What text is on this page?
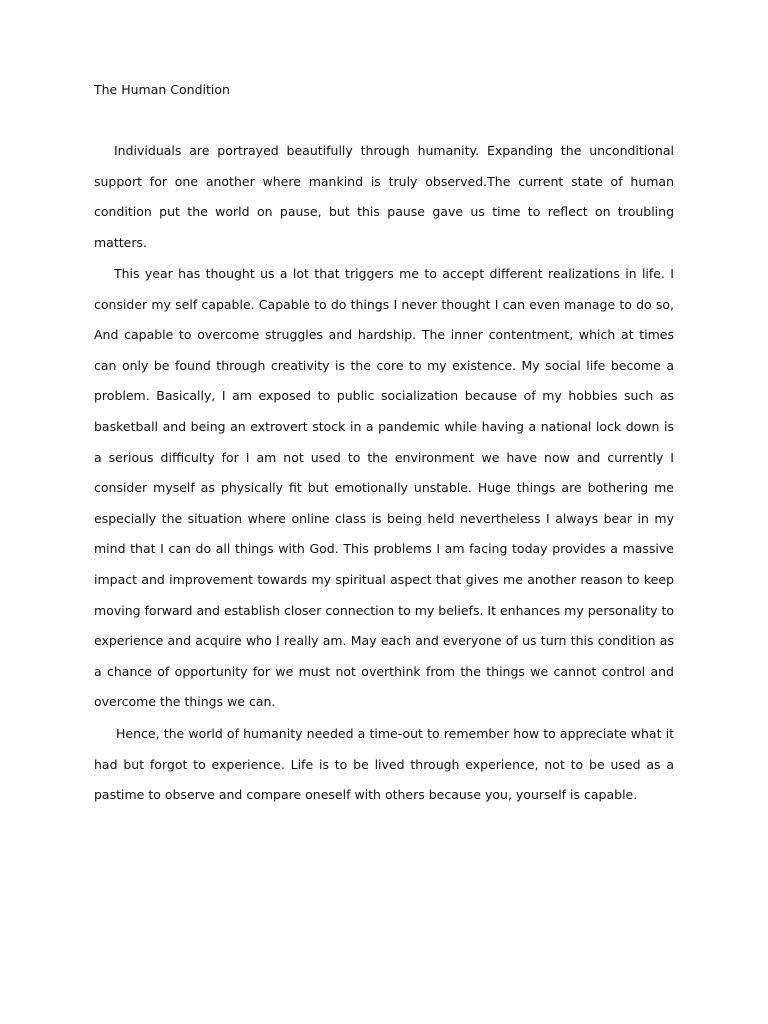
The Human Condition

Individuals are portrayed beautifully through humanity. Expanding the unconditional support for one another where mankind is truly observed.The current state of human condition put the world on pause, but this pause gave us time to reflect on troubling matters.

This year has thought us a lot that triggers me to accept different realizations in life. I consider my self capable. Capable to do things I never thought I can even manage to do so, And capable to overcome struggles and hardship. The inner contentment, which at times can only be found through creativity is the core to my existence. My social life become a problem. Basically, I am exposed to public socialization because of my hobbies such as basketball and being an extrovert stock in a pandemic while having a national lock down is a serious difficulty for I am not used to the environment we have now and currently I consider myself as physically fit but emotionally unstable. Huge things are bothering me especially the situation where online class is being held nevertheless I always bear in my mind that I can do all things with God. This problems I am facing today provides a massive impact and improvement towards my spiritual aspect that gives me another reason to keep moving forward and establish closer connection to my beliefs. It enhances my personality to experience and acquire who I really am. May each and everyone of us turn this condition as a chance of opportunity for we must not overthink from the things we cannot control and overcome the things we can.

Hence, the world of humanity needed a time-out to remember how to appreciate what it had but forgot to experience. Life is to be lived through experience, not to be used as a pastime to observe and compare oneself with others because you, yourself is capable.
